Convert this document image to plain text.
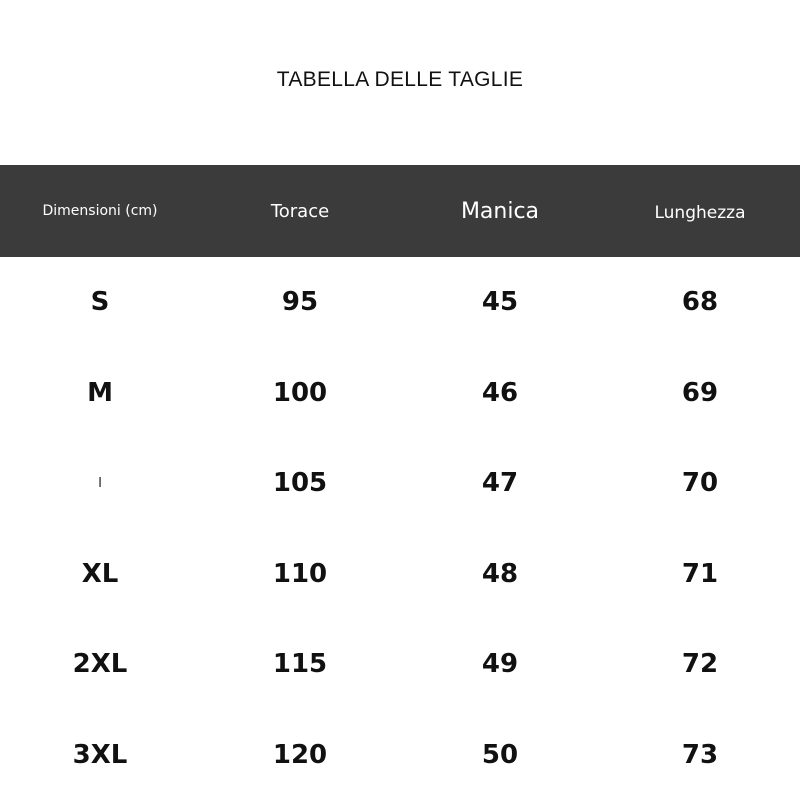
TABELLA DELLE TAGLIE
Dimensioni (cm)	Torace	Manica	Lunghezza
S	95	45	68
M	100	46	69
l	105	47	70
XL	110	48	71
2XL	115	49	72
3XL	120	50	73
